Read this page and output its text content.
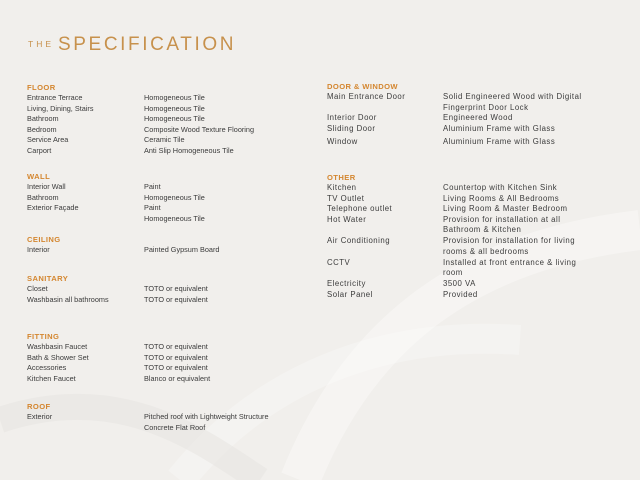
THE SPECIFICATION
FLOOR
Entrance Terrace	Homogeneous Tile

Living, Dining, Stairs	Homogeneous Tile

Bathroom	Homogeneous Tile

Bedroom	Composite Wood Texture Flooring

Service Area	Ceramic Tile

Carport	Anti Slip Homogeneous Tile

WALL
Interior Wall	Paint

Bathroom	Homogeneous Tile

Exterior Façade	Paint

Homogeneous Tile

CEILING
Interior	Painted Gypsum Board

SANITARY
Closet	TOTO or equivalent

Washbasin all bathrooms	TOTO or equivalent

FITTING
Washbasin Faucet	TOTO or equivalent

Bath & Shower Set	TOTO or equivalent

Accessories	TOTO or equivalent

Kitchen Faucet	Blanco or equivalent

ROOF
Exterior	Pitched roof with Lightweight Structure

Concrete Flat Roof

DOOR & WINDOW
Main Entrance Door	Solid Engineered Wood with Digital
Fingerprint Door Lock
Interior Door	Engineered Wood

Sliding Door	Aluminium Frame with Glass
Window	Aluminium Frame with Glass

OTHER
Kitchen	Countertop with Kitchen Sink

TV Outlet	Living Rooms & All Bedrooms

Telephone outlet	Living Room & Master Bedroom

Hot Water	Provision for installation at all
Bathroom & Kitchen
Air Conditioning	Provision for installation for living
rooms & all bedrooms
CCTV	Installed at front entrance & living
room
Electricity	3500 VA

Solar Panel	Provided
